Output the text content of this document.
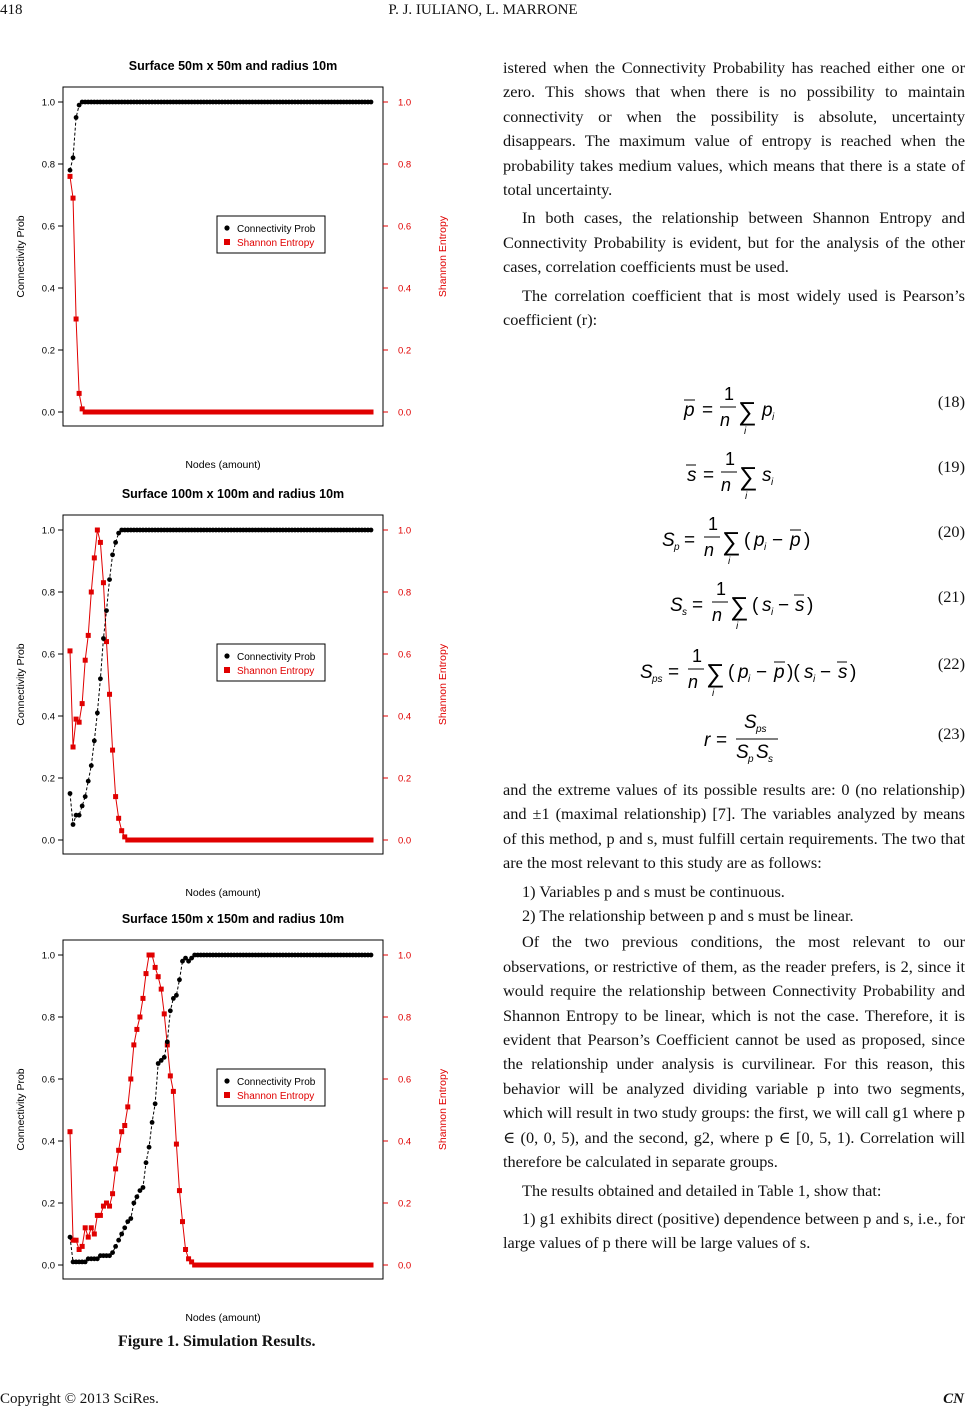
418	P. J. IULIANO, L. MARRONE
Surface 50m x 50m and radius 10m
0.0	0.0
0.2	0.2
0.4	0.4
0.6	0.6
0.8	0.8
1.0	1.0
Connectivity Prob	Shannon Entropy
Nodes (amount)
Connectivity Prob
Shannon Entropy
Surface 100m x 100m and radius 10m
0.0	0.0
0.2	0.2
0.4	0.4
0.6	0.6
0.8	0.8
1.0	1.0
Connectivity Prob	Shannon Entropy
Nodes (amount)
Connectivity Prob
Shannon Entropy
Surface 150m x 150m and radius 10m
0.0	0.0
0.2	0.2
0.4	0.4
0.6	0.6
0.8	0.8
1.0	1.0
Connectivity Prob	Shannon Entropy
Nodes (amount)
Connectivity Prob
Shannon Entropy
Figure 1. Simulation Results.

istered when the Connectivity Probability has reached either one or zero. This shows that when there is no possibility to maintain connectivity or when the possibility is absolute, uncertainty disappears. The maximum value of entropy is reached when the probability takes medium values, which means that there is a state of total uncertainty.

In both cases, the relationship between Shannon Entropy and Connectivity Probability is evident, but for the analysis of the other cases, correlation coefficients must be used.

The correlation coefficient that is most widely used is Pearson’s coefficient (r):

p =
1
n ∑
i
p i
(18)
s =
1
n ∑
i
s i
(19)
S p =
1
n ∑
i
( p i − p )	(20)
S s =
1
n ∑
i
( s i − s )	(21)
S ps =
1
n ∑
i
( p i − p )( s i − s )	(22)
r =
S ps
S p S s
(23)

and the extreme values of its possible results are: 0 (no relationship) and ±1 (maximal relationship) [7]. The variables analyzed by means of this method, p and s, must fulfill certain requirements. The two that are the most relevant to this study are as follows:

1) Variables p and s must be continuous.

2) The relationship between p and s must be linear.

Of the two previous conditions, the most relevant to our observations, or restrictive of them, as the reader prefers, is 2, since it would require the relationship between Connectivity Probability and Shannon Entropy to be linear, which is not the case. Therefore, it is evident that Pearson’s Coefficient cannot be used as proposed, since the relationship under analysis is curvilinear. For this reason, this behavior will be analyzed dividing variable p into two segments, which will result in two study groups: the first, we will call g1 where p ∈ (0, 0, 5), and the second, g2, where p ∈ [0, 5, 1). Correlation will therefore be calculated in separate groups.

The results obtained and detailed in Table 1, show that:

1) g1 exhibits direct (positive) dependence between p and s, i.e., for large values of p there will be large values of s.

Copyright © 2013 SciRes.	CN
